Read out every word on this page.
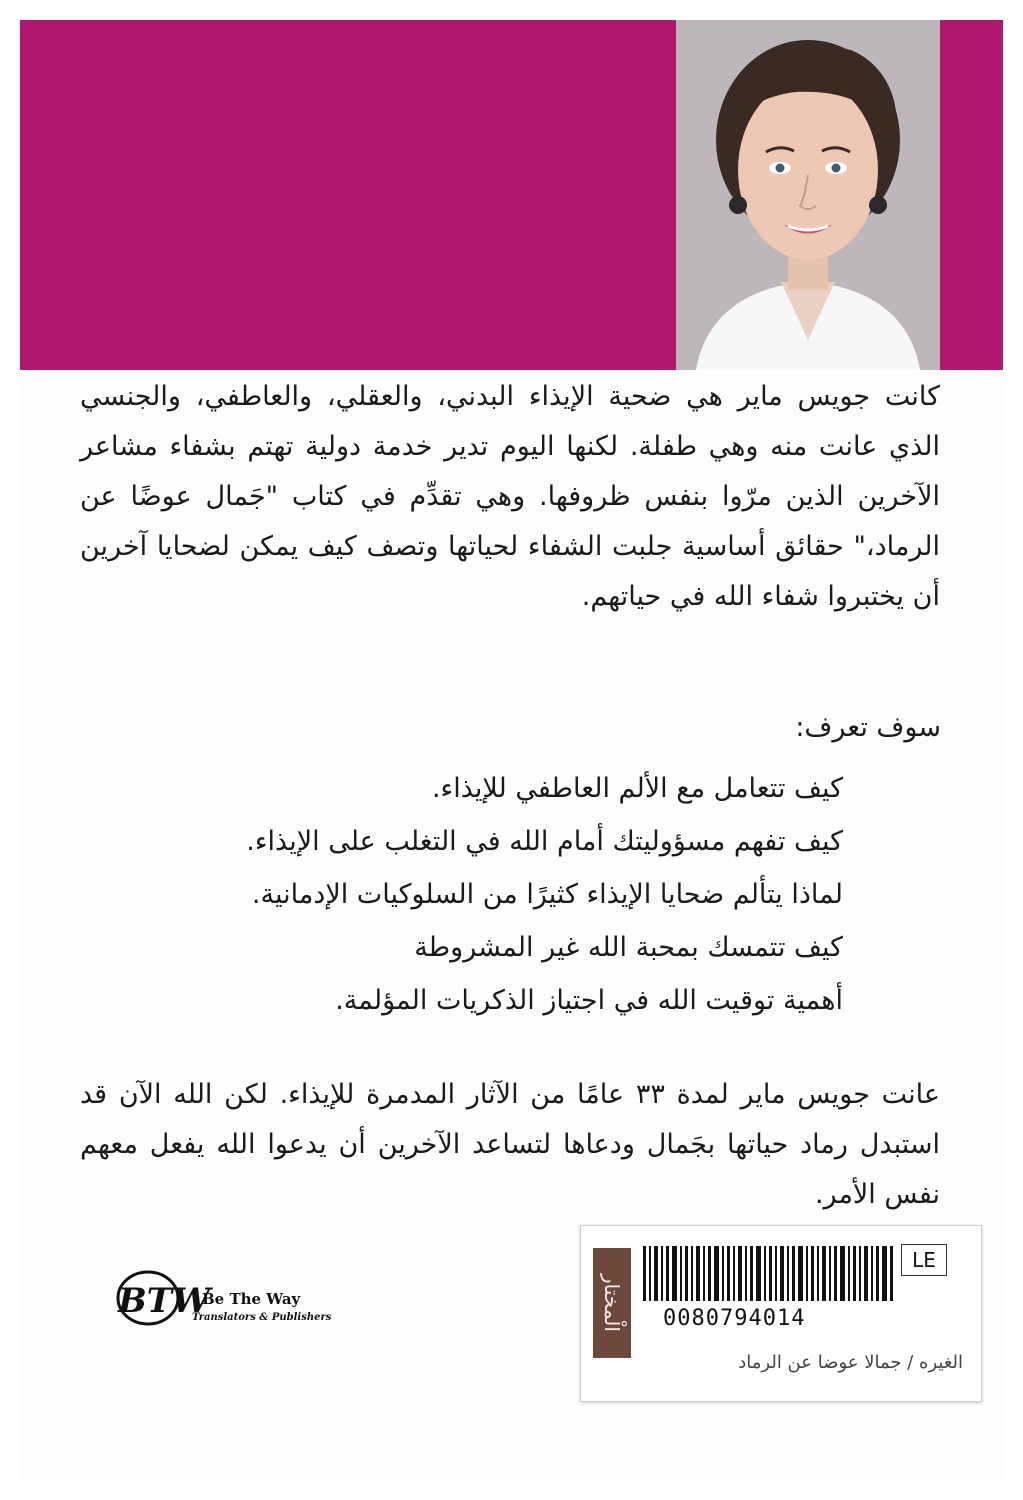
كانت جويس ماير هي ضحية الإيذاء البدني، والعقلي، والعاطفي، والجنسي الذي عانت منه وهي طفلة. لكنها اليوم تدير خدمة دولية تهتم بشفاء مشاعر الآخرين الذين مرّوا بنفس ظروفها. وهي تقدِّم في كتاب "جَمال عوضًا عن الرماد،" حقائق أساسية جلبت الشفاء لحياتها وتصف كيف يمكن لضحايا آخرين أن يختبروا شفاء الله في حياتهم.

سوف تعرف:

كيف تتعامل مع الألم العاطفي للإيذاء.
كيف تفهم مسؤوليتك أمام الله في التغلب على الإيذاء.
لماذا يتألم ضحايا الإيذاء كثيرًا من السلوكيات الإدمانية.
كيف تتمسك بمحبة الله غير المشروطة
أهمية توقيت الله في اجتياز الذكريات المؤلمة.

عانت جويس ماير لمدة ٣٣ عامًا من الآثار المدمرة للإيذاء. لكن الله الآن قد استبدل رماد حياتها بجَمال ودعاها لتساعد الآخرين أن يدعوا الله يفعل معهم نفس الأمر.

BTW
Be The Way
Translators & Publishers	الْمختار	0080794014
LE
الغيره / جمالا عوضا عن الرماد
